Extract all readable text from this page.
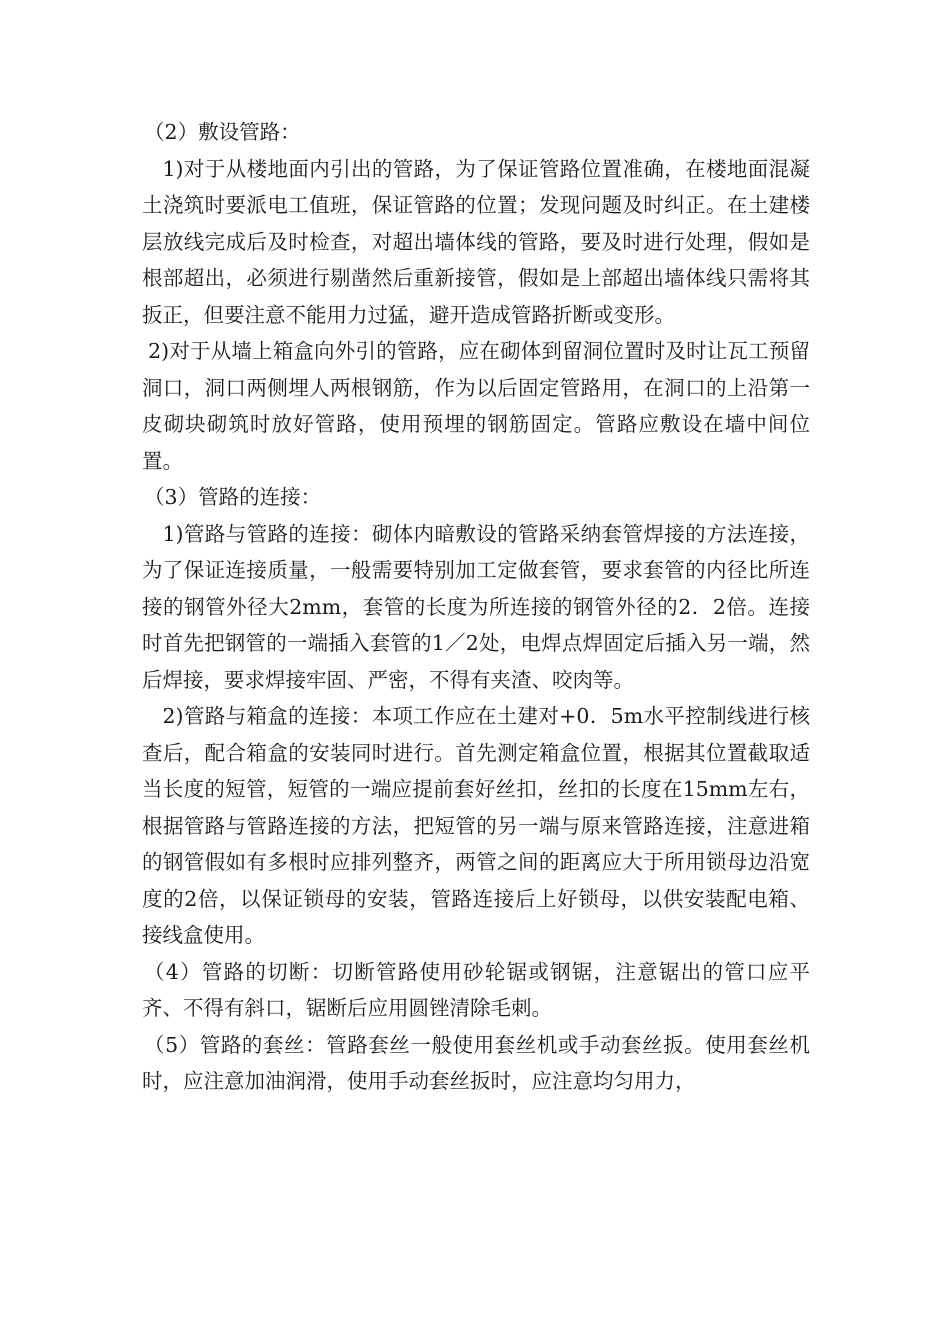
（2）敷设管路：

1)对于从楼地面内引出的管路，为了保证管路位置准确，在楼地面混凝土浇筑时要派电工值班，保证管路的位置；发现问题及时纠正。在土建楼层放线完成后及时检查，对超出墙体线的管路，要及时进行处理，假如是根部超出，必须进行剔凿然后重新接管，假如是上部超出墙体线只需将其扳正，但要注意不能用力过猛，避开造成管路折断或变形。

2)对于从墙上箱盒向外引的管路，应在砌体到留洞位置时及时让瓦工预留洞口，洞口两侧埋人两根钢筋，作为以后固定管路用，在洞口的上沿第一皮砌块砌筑时放好管路，使用预埋的钢筋固定。管路应敷设在墙中间位置。

（3）管路的连接：

1)管路与管路的连接：砌体内暗敷设的管路采纳套管焊接的方法连接，为了保证连接质量，一般需要特别加工定做套管，要求套管的内径比所连接的钢管外径大2mm，套管的长度为所连接的钢管外径的2．2倍。连接时首先把钢管的一端插入套管的1／2处，电焊点焊固定后插入另一端，然后焊接，要求焊接牢固、严密，不得有夹渣、咬肉等。

2)管路与箱盒的连接：本项工作应在土建对+0．5m水平控制线进行核查后，配合箱盒的安装同时进行。首先测定箱盒位置，根据其位置截取适当长度的短管，短管的一端应提前套好丝扣，丝扣的长度在15mm左右，根据管路与管路连接的方法，把短管的另一端与原来管路连接，注意进箱的钢管假如有多根时应排列整齐，两管之间的距离应大于所用锁母边沿宽度的2倍，以保证锁母的安装，管路连接后上好锁母，以供安装配电箱、接线盒使用。

（4）管路的切断：切断管路使用砂轮锯或钢锯，注意锯出的管口应平齐、不得有斜口，锯断后应用圆锉清除毛刺。

（5）管路的套丝：管路套丝一般使用套丝机或手动套丝扳。使用套丝机时，应注意加油润滑，使用手动套丝扳时，应注意均匀用力，
